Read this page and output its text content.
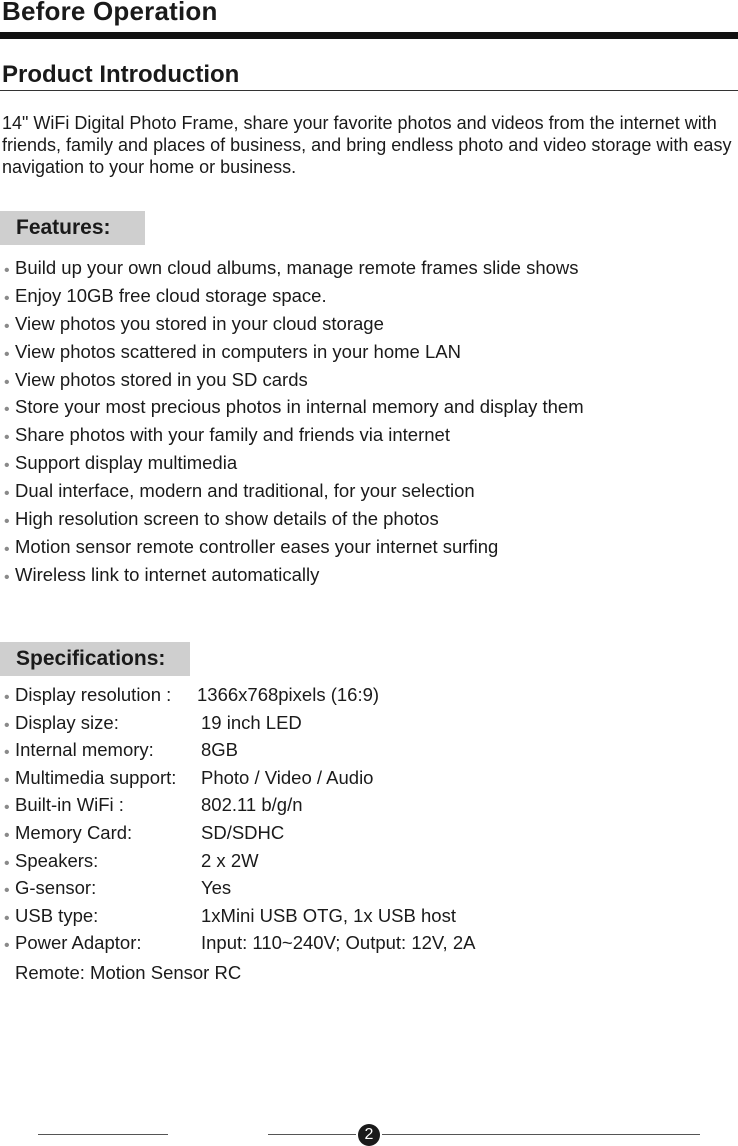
Before Operation
Product Introduction

14" WiFi Digital Photo Frame, share your favorite photos and videos from the internet with friends, family and places of business, and bring endless photo and video storage with easy navigation to your home or business.

Features:
• Build up your own cloud albums, manage remote frames slide shows
• Enjoy 10GB free cloud storage space.
• View photos you stored in your cloud storage
• View photos scattered in computers in your home LAN
• View photos stored in you SD cards
• Store your most precious photos in internal memory and display them
• Share photos with your family and friends via internet
• Support display multimedia
• Dual interface, modern and traditional, for your selection
• High resolution screen to show details of the photos
• Motion sensor remote controller eases your internet surfing
• Wireless link to internet automatically
Specifications:
• Display resolution : 1366x768pixels (16:9)
• Display size:	19 inch LED
• Internal memory:	8GB
• Multimedia support: Photo / Video / Audio
• Built-in WiFi :	802.11 b/g/n
• Memory Card:	SD/SDHC
• Speakers:	2 x 2W
• G-sensor:	Yes
• USB type:	1xMini USB OTG, 1x USB host
• Power Adaptor:	Input: 110~240V; Output: 12V, 2A
Remote: Motion Sensor RC
2
